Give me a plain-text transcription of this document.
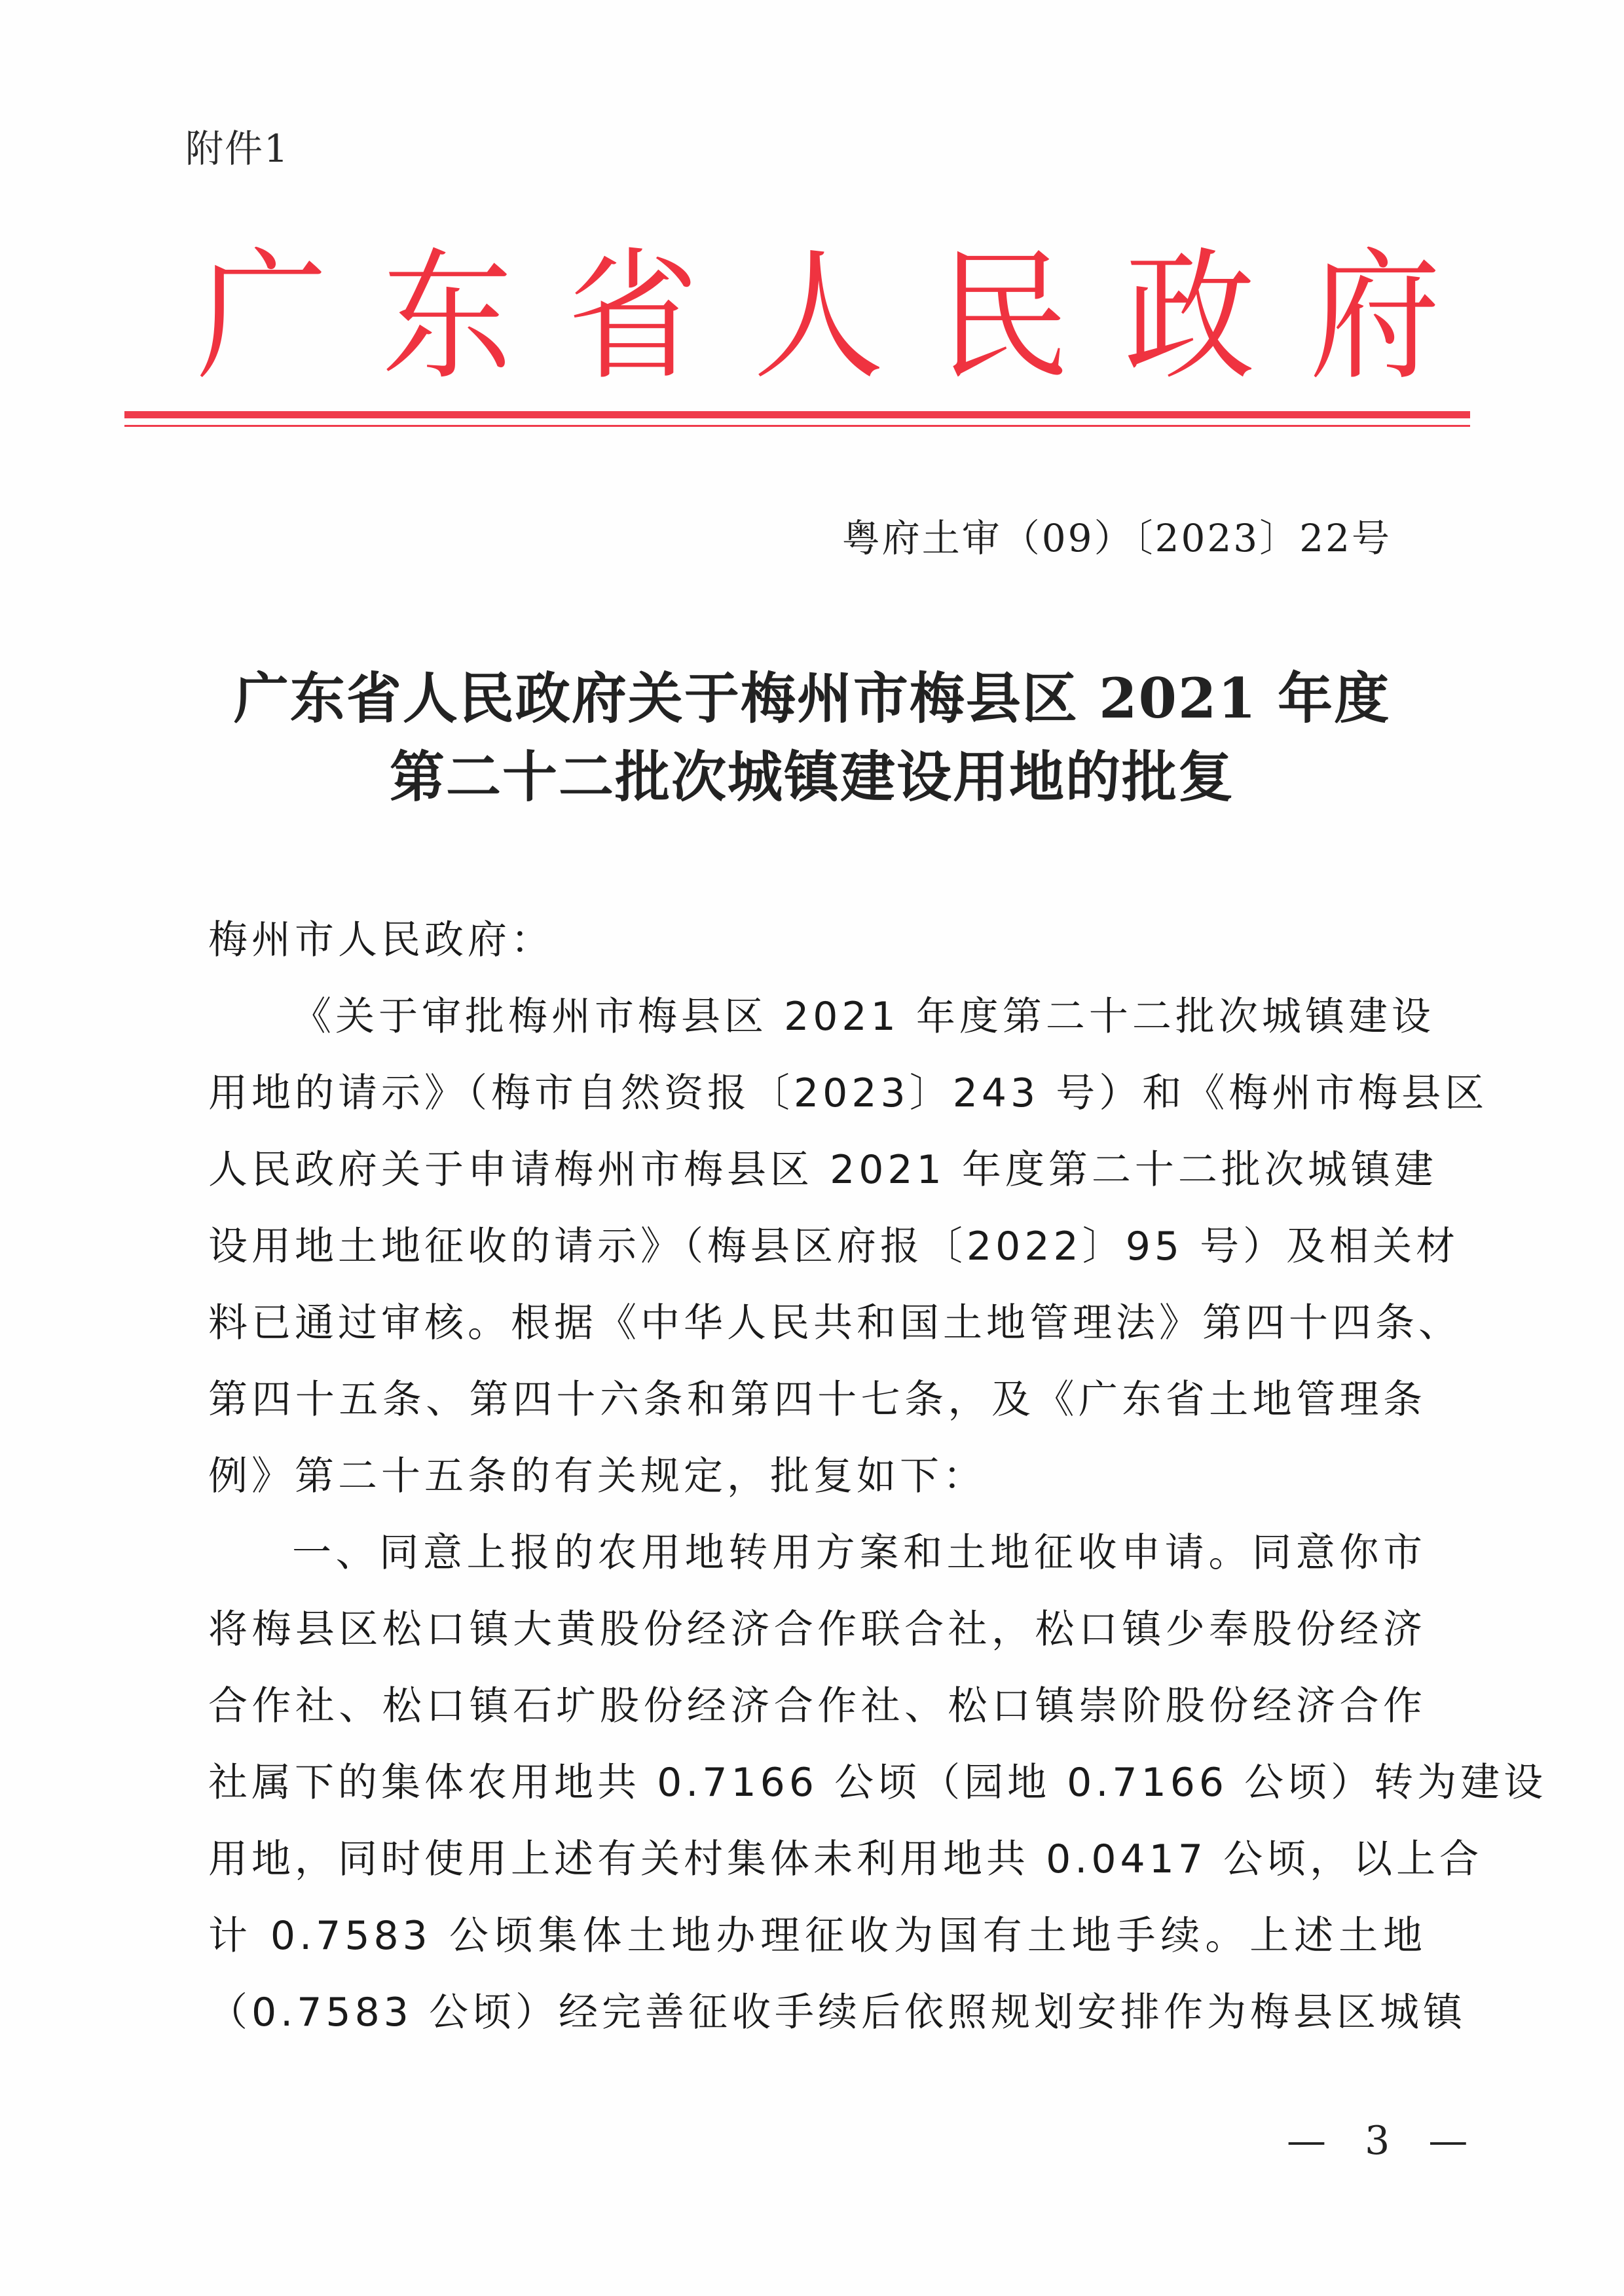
附件1
广 东 省 人 民 政 府
粤府土审（09）〔2023〕22号
广东省人民政府关于梅州市梅县区 2021 年度
第二十二批次城镇建设用地的批复
梅州市人民政府：
《关于审批梅州市梅县区 2021 年度第二十二批次城镇建设
用地的请示》（梅市自然资报〔2023〕243 号）和《梅州市梅县区
人民政府关于申请梅州市梅县区 2021 年度第二十二批次城镇建
设用地土地征收的请示》（梅县区府报〔2022〕95 号）及相关材
料已通过审核。根据《中华人民共和国土地管理法》第四十四条、
第四十五条、第四十六条和第四十七条，及《广东省土地管理条
例》第二十五条的有关规定，批复如下：
一、同意上报的农用地转用方案和土地征收申请。同意你市
将梅县区松口镇大黄股份经济合作联合社，松口镇少奉股份经济
合作社、松口镇石圹股份经济合作社、松口镇崇阶股份经济合作
社属下的集体农用地共 0.7166 公顷（园地 0.7166 公顷）转为建设
用地，同时使用上述有关村集体未利用地共 0.0417 公顷，以上合
计 0.7583 公顷集体土地办理征收为国有土地手续。上述土地
（0.7583 公顷）经完善征收手续后依照规划安排作为梅县区城镇
— 3 —
